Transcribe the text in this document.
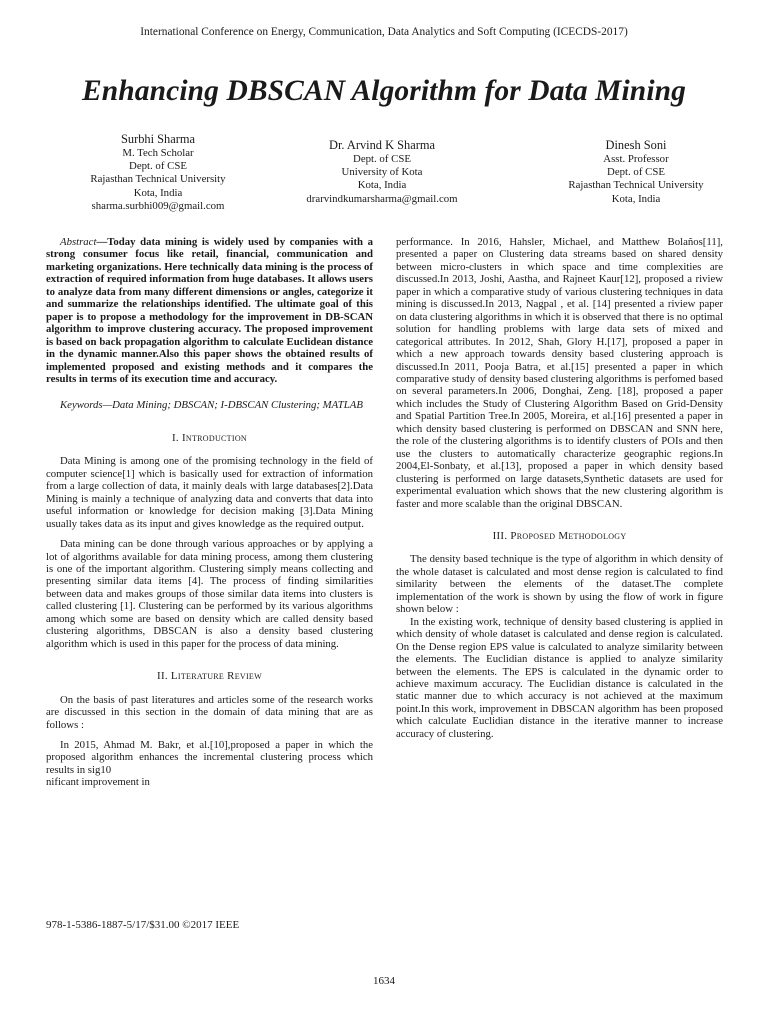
International Conference on Energy, Communication, Data Analytics and Soft Computing (ICECDS-2017)
Enhancing DBSCAN Algorithm for Data Mining
Surbhi Sharma
M. Tech Scholar
Dept. of CSE
Rajasthan Technical University
Kota, India
sharma.surbhi009@gmail.com
Dr. Arvind K Sharma
Dept. of CSE
University of Kota
Kota, India
drarvindkumarsharma@gmail.com
Dinesh Soni
Asst. Professor
Dept. of CSE
Rajasthan Technical University
Kota, India

Abstract—Today data mining is widely used by companies with a strong consumer focus like retail, financial, communication and marketing organizations. Here technically data mining is the process of extraction of required information from huge databases. It allows users to analyze data from many different dimensions or angles, categorize it and summarize the relationships identified. The ultimate goal of this paper is to propose a methodology for the improvement in DB-SCAN algorithm to improve clustering accuracy. The proposed improvement is based on back propagation algorithm to calculate Euclidean distance in the dynamic manner.Also this paper shows the obtained results of implemented proposed and existing methods and it compares the results in terms of its execution time and accuracy.

Keywords—Data Mining; DBSCAN; I-DBSCAN Clustering; MATLAB

I. Introduction

Data Mining is among one of the promising technology in the field of computer science[1] which is basically used for extraction of information from a large collection of data, it mainly deals with large databases[2].Data Mining is mainly a technique of analyzing data and converts that data into useful information or knowledge for decision making [3].Data Mining usually takes data as its input and gives knowledge as the required output.

Data mining can be done through various approaches or by applying a lot of algorithms available for data mining process, among them clustering is one of the important algorithm. Clustering simply means collecting and presenting similar data items [4]. The process of finding similarities between data and makes groups of those similar data items into clusters is called clustering [1]. Clustering can be performed by its various algorithms among which some are based on density which are called density based clustering algorithms, DBSCAN is also a density based clustering algorithm which is used in this paper for the process of data mining.

II. Literature Review

On the basis of past literatures and articles some of the research works are discussed in this section in the domain of data mining that are as follows :

In 2015, Ahmad M. Bakr, et al.[10],proposed a paper in which the proposed algorithm enhances the incremental clustering process which results in sig10

nificant improvement in

performance. In 2016, Hahsler, Michael, and Matthew Bolaños[11], presented a paper on Clustering data streams based on shared density between micro-clusters in which space and time complexities are discussed.In 2013, Joshi, Aastha, and Rajneet Kaur[12], proposed a riview paper in which a comparative study of various clustering techniques in data mining is discussed.In 2013, Nagpal , et al. [14] presented a riview paper on data clustering algorithms in which it is observed that there is no optimal solution for handling problems with large data sets of mixed and categorical attributes. In 2012, Shah, Glory H.[17], proposed a paper in which a new approach towards density based clustering approach is discussed.In 2011, Pooja Batra, et al.[15] presented a paper in which comparative study of density based clustering algorithms is perfomed based on several parameters.In 2006, Donghai, Zeng. [18], proposed a paper which includes the Study of Clustering Algorithm Based on Grid-Density and Spatial Partition Tree.In 2005, Moreira, et al.[16] presented a paper in which density based clustering is performed on DBSCAN and SNN here, the role of the clustering algorithms is to identify clusters of POIs and then use the clusters to automatically characterize geographic regions.In 2004,El-Sonbaty, et al.[13], proposed a paper in which density based clustering is performed on large datasets,Synthetic datasets are used for experimental evaluation which shows that the new clustering algorithm is faster and more scalable than the original DBSCAN.

III. Proposed Methodology

The density based technique is the type of algorithm in which density of the whole dataset is calculated and most dense region is calculated to find similarity between the elements of the dataset.The complete implementation of the work is shown by using the flow of work in figure shown below :

In the existing work, technique of density based clustering is applied in which density of whole dataset is calculated and dense region is calculated. On the Dense region EPS value is calculated to analyze similarity between the elements. The Euclidian distance is applied to analyze similarity between the elements. The EPS is calculated in the dynamic order to achieve maximum accuracy. The Euclidian distance is calculated in the static manner due to which accuracy is not achieved at the maximum point.In this work, improvement in DBSCAN algorithm has been proposed which calculate Euclidian distance in the iterative manner to increase accuracy of clustering.

978-1-5386-1887-5/17/$31.00 ©2017 IEEE
1634
